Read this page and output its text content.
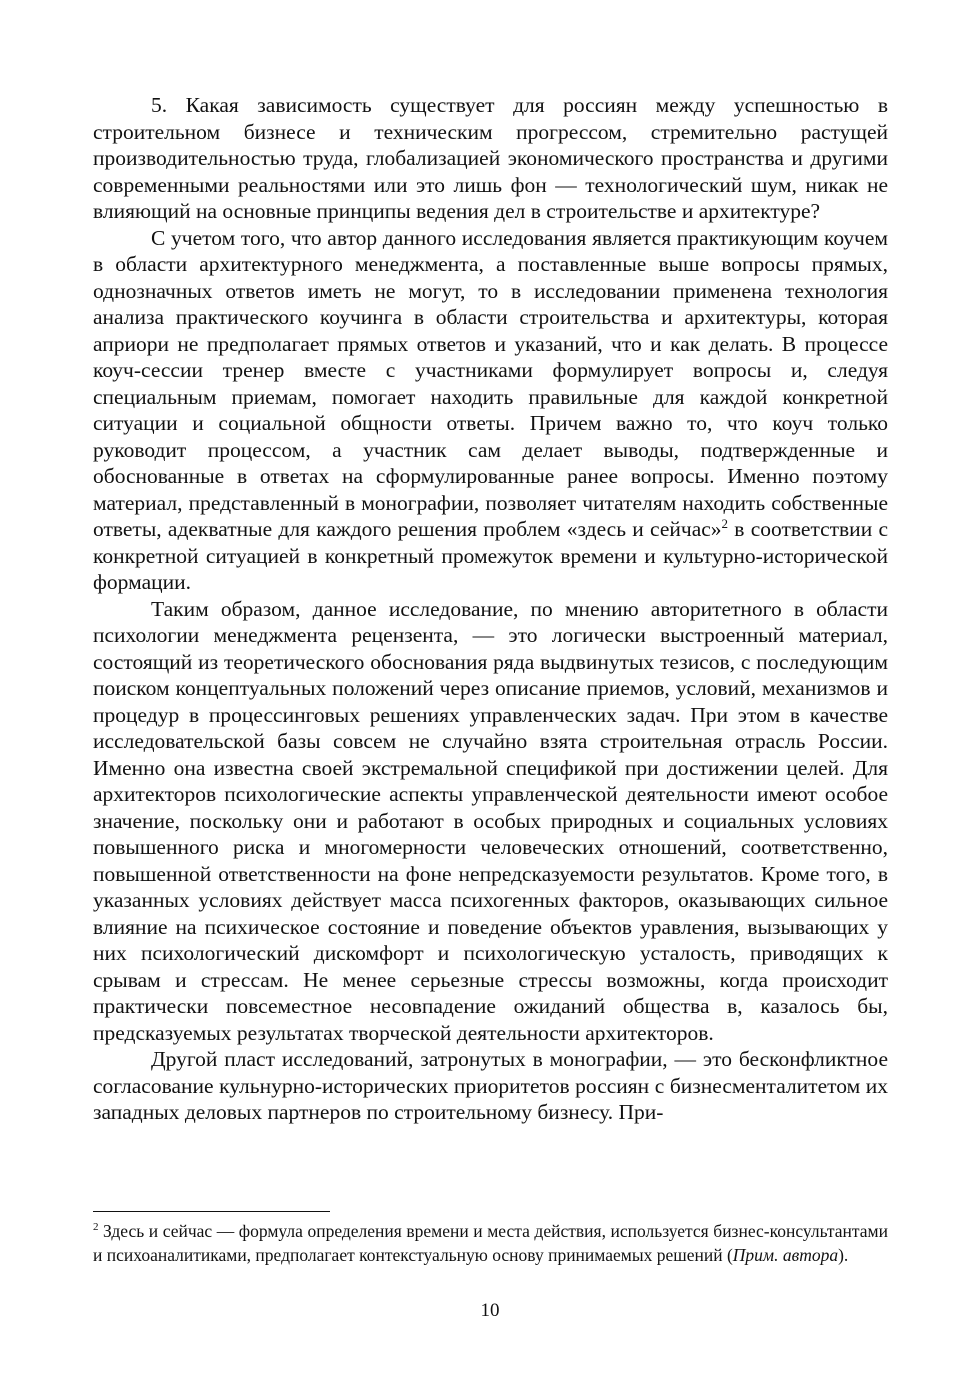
5. Какая зависимость существует для россиян между успешностью в строительном бизнесе и техническим прогрессом, стремительно растущей производительностью труда, глобализацией экономического пространства и другими современными реальностями или это лишь фон — технологический шум, никак не влияющий на основные принципы ведения дел в строительстве и архитектуре?

С учетом того, что автор данного исследования является практикующим коучем в области архитектурного менеджмента, а поставленные выше вопросы прямых, однозначных ответов иметь не могут, то в исследовании применена технология анализа практического коучинга в области строительства и архитектуры, которая априори не предполагает прямых ответов и указаний, что и как делать. В процессе коуч-сессии тренер вместе с участниками формулирует вопросы и, следуя специальным приемам, помогает находить правильные для каждой конкретной ситуации и социальной общности ответы. Причем важно то, что коуч только руководит процессом, а участник сам делает выводы, подтвержденные и обоснованные в ответах на сформулированные ранее вопросы. Именно поэтому материал, представленный в монографии, позволяет читателям находить собственные ответы, адекватные для каждого решения проблем «здесь и сейчас»$^2$ в соответствии с конкретной ситуацией в конкретный промежуток времени и культурно-исторической формации.

Таким образом, данное исследование, по мнению авторитетного в области психологии менеджмента рецензента, — это логически выстроенный материал, состоящий из теоретического обоснования ряда выдвинутых тезисов, с последующим поиском концептуальных положений через описание приемов, условий, механизмов и процедур в процессинговых решениях управленческих задач. При этом в качестве исследовательской базы совсем не случайно взята строительная отрасль России. Именно она известна своей экстремальной спецификой при достижении целей. Для архитекторов психологические аспекты управленческой деятельности имеют особое значение, поскольку они и работают в особых природных и социальных условиях повышенного риска и многомерности человеческих отношений, соответственно, повышенной ответственности на фоне непредсказуемости результатов. Кроме того, в указанных условиях действует масса психогенных факторов, оказывающих сильное влияние на психическое состояние и поведение объектов уравления, вызывающих у них психологический дискомфорт и психологическую усталость, приводящих к срывам и стрессам. Не менее серьезные стрессы возможны, когда происходит практически повсеместное несовпадение ожиданий общества в, казалось бы, предсказуемых результатах творческой деятельности архитекторов.

Другой пласт исследований, затронутых в монографии, — это бесконфликтное согласование кульнурно-исторических приоритетов россиян с бизнесменталитетом их западных деловых партнеров по строительному бизнесу. При-

$^2$ Здесь и сейчас — формула определения времени и места действия, используется бизнес-консультантами и психоаналитиками, предполагает контекстуальную основу принимаемых решений (Прим. автора).

10
